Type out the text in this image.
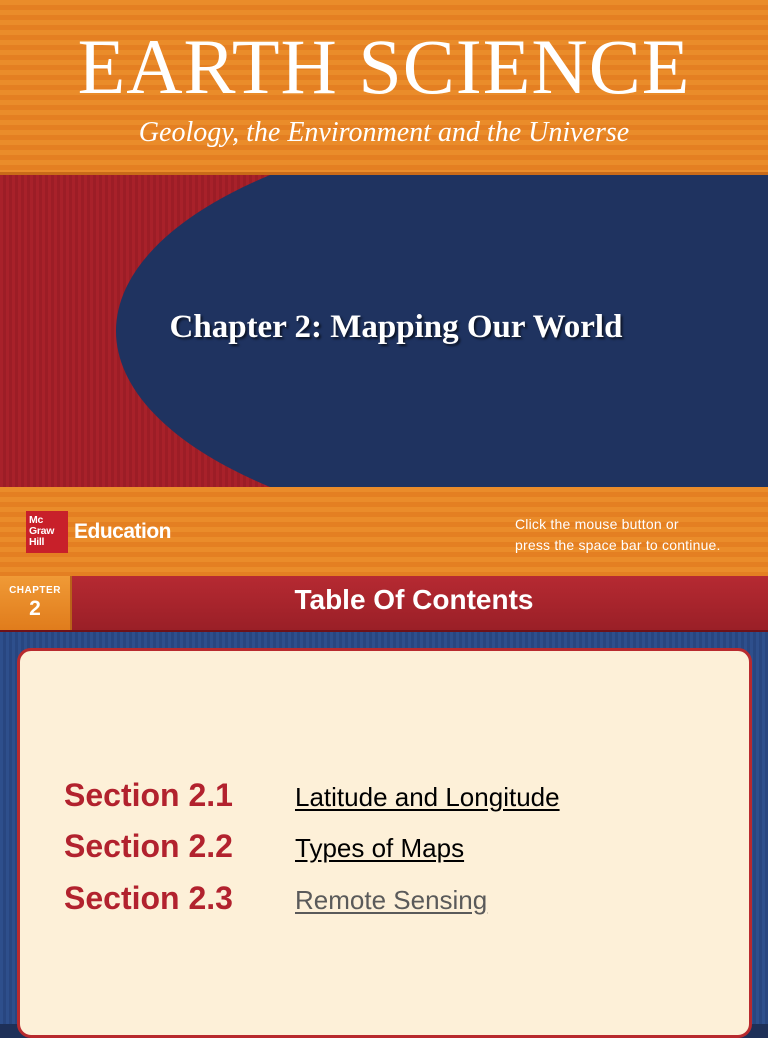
EARTH SCIENCE
Geology, the Environment and the Universe
Chapter 2: Mapping Our World
Mc
Graw
Hill	Education	Click the mouse button or
press the space bar to continue.
CHAPTER
2	Table Of Contents
Section 2.1	Latitude and Longitude
Section 2.2	Types of Maps
Section 2.3	Remote Sensing
